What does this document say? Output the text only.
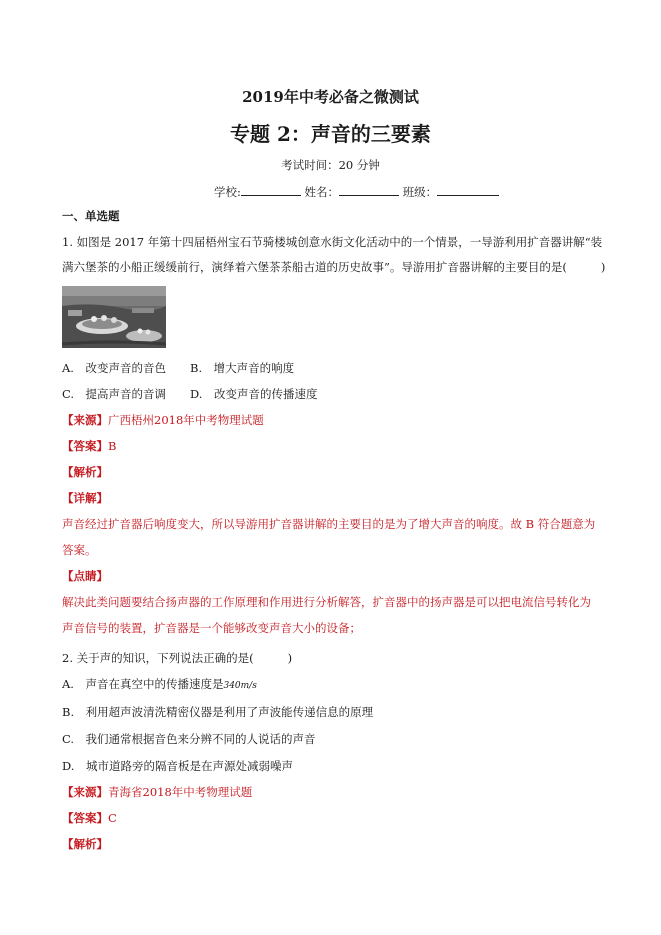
2019年中考必备之微测试
专题 2：声音的三要素
考试时间：20 分钟
学校:	姓名：	班级：
一、单选题
1. 如图是 2017 年第十四届梧州宝石节骑楼城创意水街文化活动中的一个情景，一导游利用扩音器讲解“装
满六堡茶的小船正缓缓前行，演绎着六堡茶茶船古道的历史故事”。导游用扩音器讲解的主要目的是(	)
A.　改变声音的音色 B.　增大声音的响度
C.　提高声音的音调 D.　改变声音的传播速度
【来源】广西梧州2018年中考物理试题
【答案】B
【解析】
【详解】
声音经过扩音器后响度变大，所以导游用扩音器讲解的主要目的是为了增大声音的响度。故 B 符合题意为
答案。
【点睛】
解决此类问题要结合扬声器的工作原理和作用进行分析解答，扩音器中的扬声器是可以把电流信号转化为
声音信号的装置，扩音器是一个能够改变声音大小的设备；
2. 关于声的知识，下列说法正确的是(	)
A.　声音在真空中的传播速度是340m/s
B.　利用超声波清洗精密仪器是利用了声波能传递信息的原理
C.　我们通常根据音色来分辨不同的人说话的声音
D.　城市道路旁的隔音板是在声源处减弱噪声
【来源】青海省2018年中考物理试题
【答案】C
【解析】
